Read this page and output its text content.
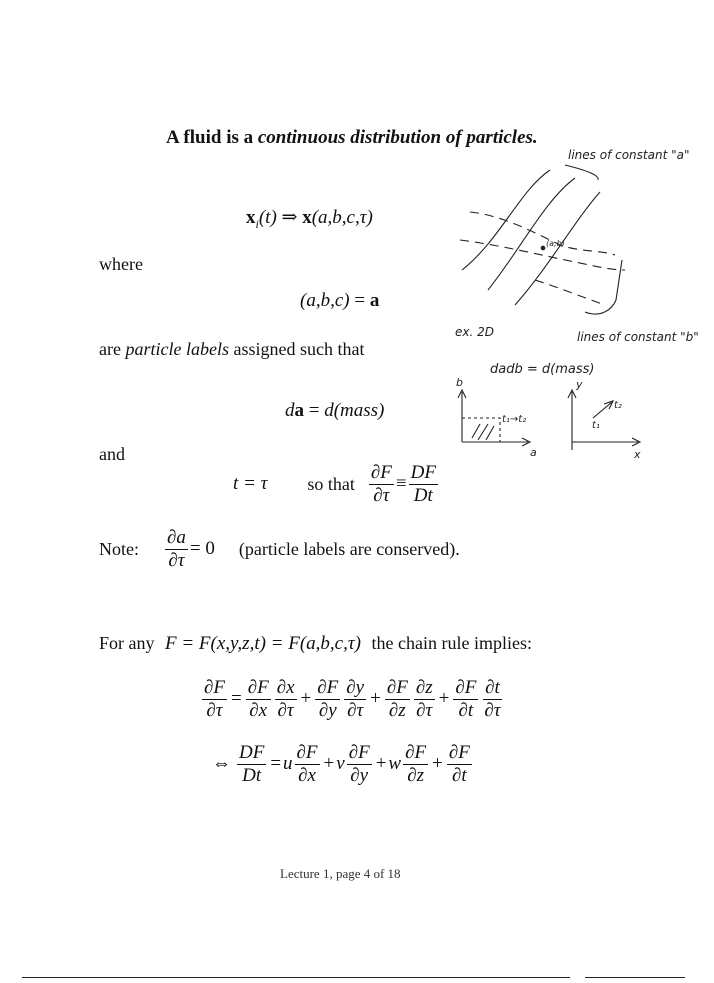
A fluid is a continuous distribution of particles.
$x_i(t)$ ⇒ x(a,b,c,τ)
where
(a,b,c) = a
are particle labels assigned such that
da = d(mass)
and
t = τ so that $\frac{\partial F}{\partial\tau} \equiv \frac{DF}{Dt}$
Note: $\frac{\partial a}{\partial\tau} = 0$ (particle labels are conserved).
For any F = F(x,y,z,t) = F(a,b,c,τ) the chain rule implies:
$\frac{\partial F}{\partial\tau} = \frac{\partial F}{\partial x} \frac{\partial x}{\partial\tau} + \frac{\partial F}{\partial y} \frac{\partial y}{\partial\tau} + \frac{\partial F}{\partial z} \frac{\partial z}{\partial\tau} + \frac{\partial F}{\partial t} \frac{\partial t}{\partial\tau}$
⇔ $\frac{DF}{Dt} = u \frac{\partial F}{\partial x} + v \frac{\partial F}{\partial y} + w \frac{\partial F}{\partial z} + \frac{\partial F}{\partial t}$
lines of constant "a"
(a,b)
ex. 2D	lines of constant "b"
dadb = d(mass)
b
a
y
x
t₁→t₂
t₁
t₂
Lecture 1, page 4 of 18
